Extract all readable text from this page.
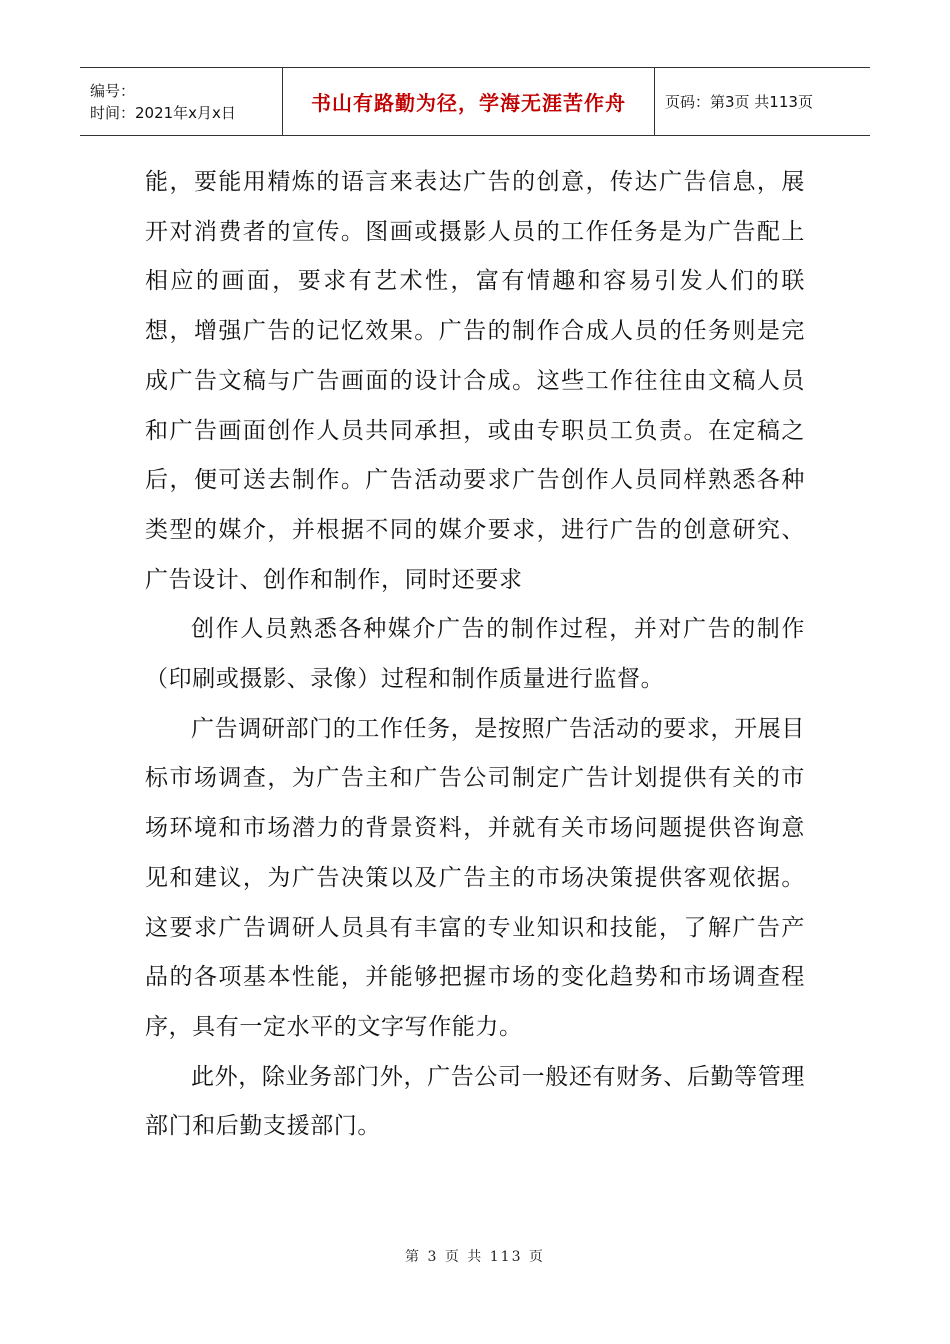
编号：
时间：2021年x月x日	书山有路勤为径，学海无涯苦作舟	页码：第3页 共113页

能，要能用精炼的语言来表达广告的创意，传达广告信息，展开对消费者的宣传。图画或摄影人员的工作任务是为广告配上相应的画面，要求有艺术性，富有情趣和容易引发人们的联想，增强广告的记忆效果。广告的制作合成人员的任务则是完成广告文稿与广告画面的设计合成。这些工作往往由文稿人员和广告画面创作人员共同承担，或由专职员工负责。在定稿之后，便可送去制作。广告活动要求广告创作人员同样熟悉各种类型的媒介，并根据不同的媒介要求，进行广告的创意研究、广告设计、创作和制作，同时还要求

创作人员熟悉各种媒介广告的制作过程，并对广告的制作（印刷或摄影、录像）过程和制作质量进行监督。

广告调研部门的工作任务，是按照广告活动的要求，开展目标市场调查，为广告主和广告公司制定广告计划提供有关的市场环境和市场潜力的背景资料，并就有关市场问题提供咨询意见和建议，为广告决策以及广告主的市场决策提供客观依据。这要求广告调研人员具有丰富的专业知识和技能，了解广告产品的各项基本性能，并能够把握市场的变化趋势和市场调查程序，具有一定水平的文字写作能力。

此外，除业务部门外，广告公司一般还有财务、后勤等管理部门和后勤支援部门。

第 3 页 共 113 页
